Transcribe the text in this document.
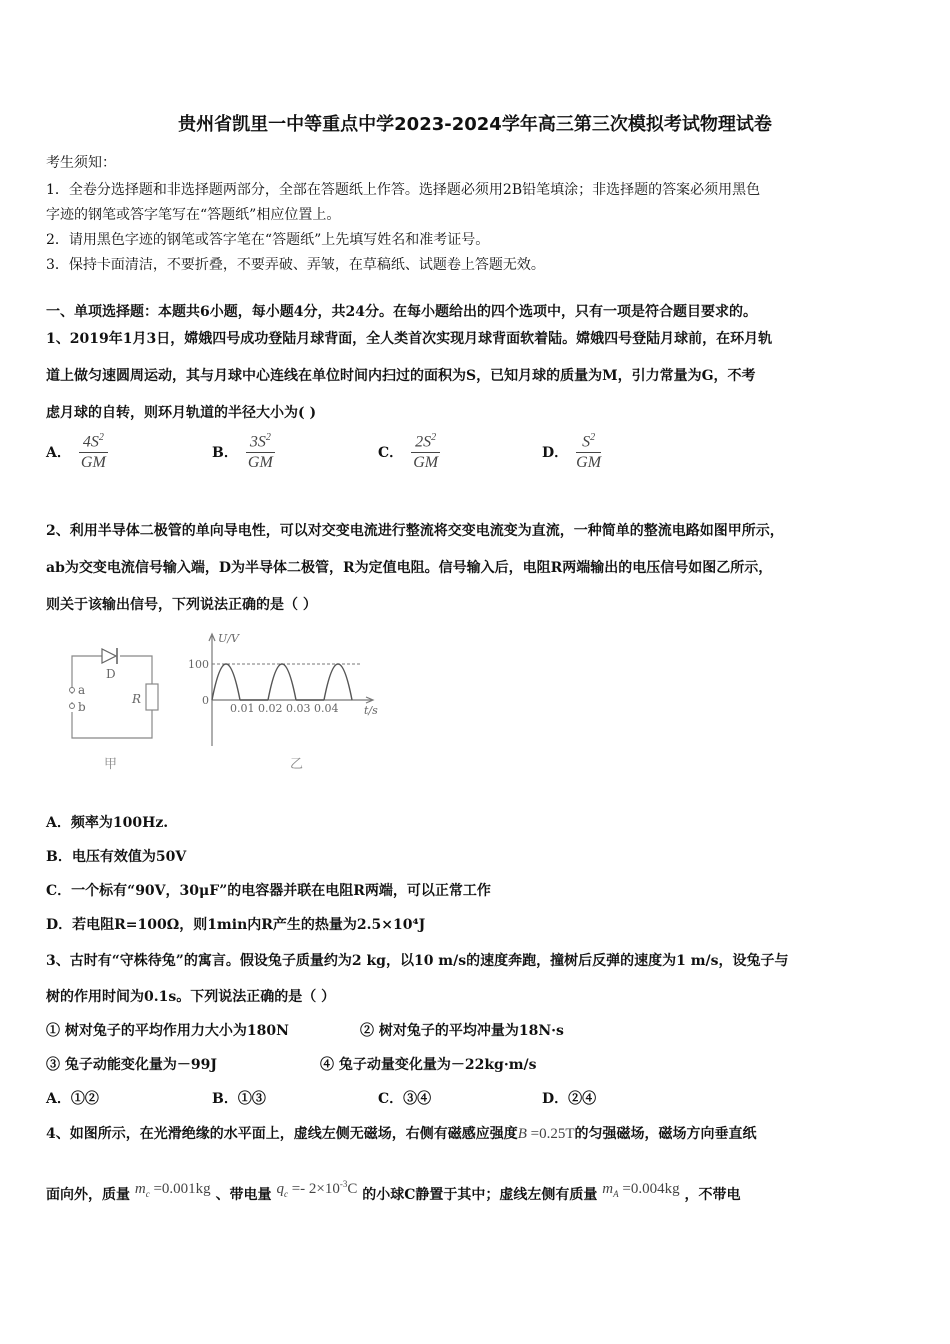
贵州省凯里一中等重点中学2023-2024学年高三第三次模拟考试物理试卷
考生须知：
1．全卷分选择题和非选择题两部分，全部在答题纸上作答。选择题必须用2B铅笔填涂；非选择题的答案必须用黑色
字迹的钢笔或答字笔写在“答题纸”相应位置上。
2．请用黑色字迹的钢笔或答字笔在“答题纸”上先填写姓名和准考证号。
3．保持卡面清洁，不要折叠，不要弄破、弄皱，在草稿纸、试题卷上答题无效。
一、单项选择题：本题共6小题，每小题4分，共24分。在每小题给出的四个选项中，只有一项是符合题目要求的。
1、2019年1月3日，嫦娥四号成功登陆月球背面，全人类首次实现月球背面软着陆。嫦娥四号登陆月球前，在环月轨
道上做匀速圆周运动，其与月球中心连线在单位时间内扫过的面积为S，已知月球的质量为M，引力常量为G，不考
虑月球的自转，则环月轨道的半径大小为( )
A． $\frac{4S^2}{GM}$	B． $\frac{3S^2}{GM}$	C． $\frac{2S^2}{GM}$	D． $\frac{S^2}{GM}$
2、利用半导体二极管的单向导电性，可以对交变电流进行整流将交变电流变为直流，一种简单的整流电路如图甲所示，
ab为交变电流信号输入端，D为半导体二极管，R为定值电阻。信号输入后，电阻R两端输出的电压信号如图乙所示，
则关于该输出信号，下列说法正确的是（ ）
D
R
a
b
甲
U/V
100
0
0.01 0.02 0.03 0.04 t/s
乙
A．频率为100Hz.
B．电压有效值为50V
C．一个标有“90V，30μF”的电容器并联在电阻R两端，可以正常工作
D．若电阻R=100Ω，则1min内R产生的热量为2.5×10⁴J
3、古时有“守株待兔”的寓言。假设兔子质量约为2 kg，以10 m/s的速度奔跑，撞树后反弹的速度为1 m/s，设兔子与
树的作用时间为0.1s。下列说法正确的是（ ）
① 树对兔子的平均作用力大小为180N	② 树对兔子的平均冲量为18N·s
③ 兔子动能变化量为－99J	④ 兔子动量变化量为－22kg·m/s
A．①②	B．①③	C．③④	D．②④
4、如图所示，在光滑绝缘的水平面上，虚线左侧无磁场，右侧有磁感应强度B =0.25T的匀强磁场，磁场方向垂直纸
面向外，质量 $m_c =0.001kg$ 、带电量 $q_c =- 2\times 10^{-3}C$ 的小球C静置于其中；虚线左侧有质量 $m_A =0.004kg$ ，不带电
